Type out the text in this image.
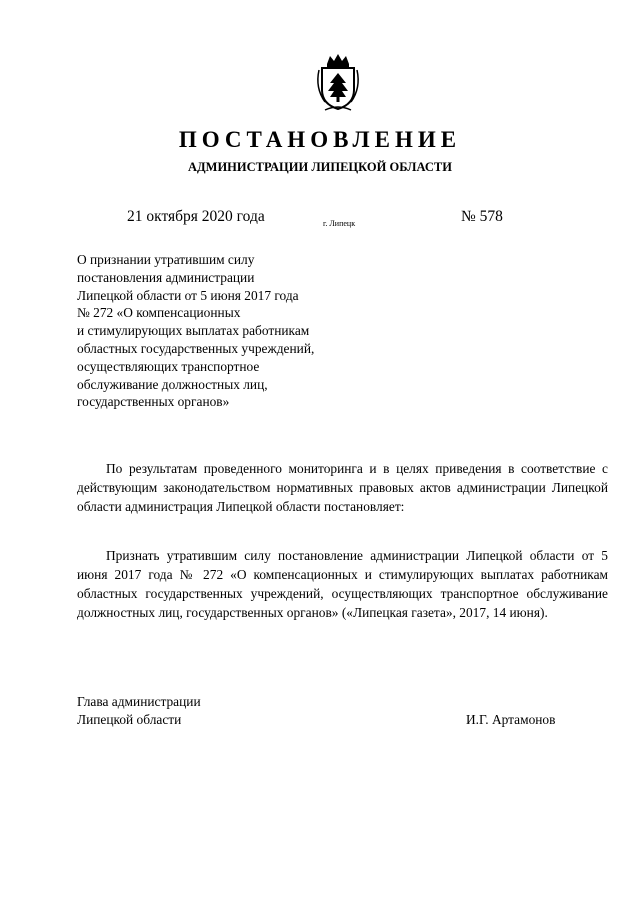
ПОСТАНОВЛЕНИЕ
АДМИНИСТРАЦИИ ЛИПЕЦКОЙ ОБЛАСТИ
21 октября 2020 года	г. Липецк	№ 578
О признании утратившим силу
постановления администрации
Липецкой области от 5 июня 2017 года
№ 272 «О компенсационных
и стимулирующих выплатах работникам
областных государственных учреждений,
осуществляющих транспортное
обслуживание должностных лиц,
государственных органов»
По результатам проведенного мониторинга и в целях приведения в соответствие с действующим законодательством нормативных правовых актов администрации Липецкой области администрация Липецкой области постановляет:
Признать утратившим силу постановление администрации Липецкой области от 5 июня 2017 года № 272 «О компенсационных и стимулирующих выплатах работникам областных государственных учреждений, осуществляющих транспортное обслуживание должностных лиц, государственных органов» («Липецкая газета», 2017, 14 июня).
Глава администрации
Липецкой области	И.Г. Артамонов
